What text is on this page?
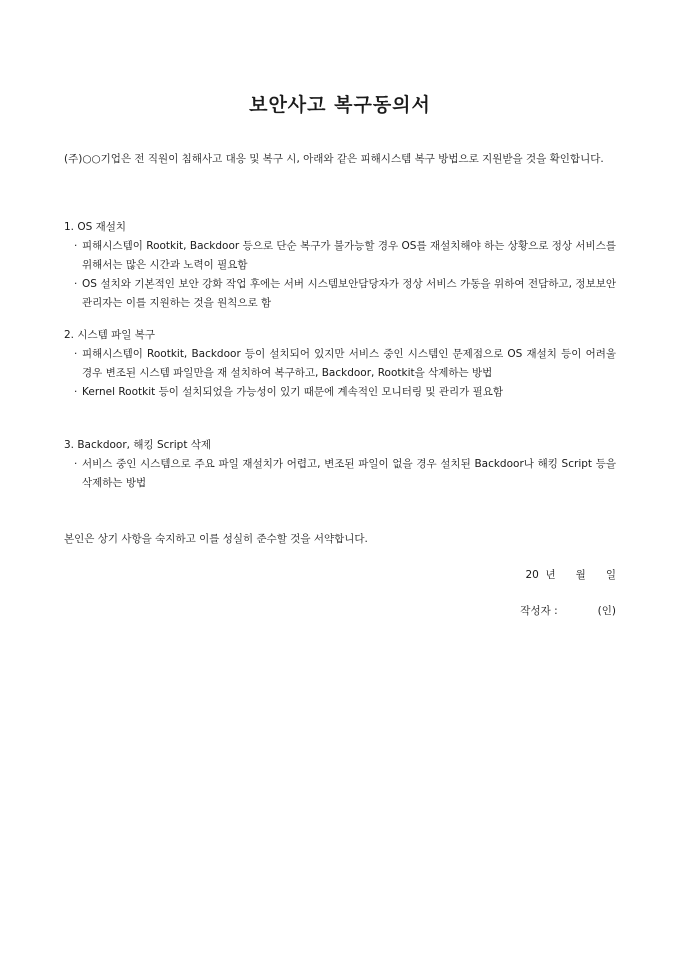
보안사고 복구동의서
(주)○○기업은 전 직원이 침해사고 대응 및 복구 시, 아래와 같은 피해시스템 복구 방법으로 지원받을 것을 확인합니다.
1. OS 재설치
· 피해시스템이 Rootkit, Backdoor 등으로 단순 복구가 불가능할 경우 OS를 재설치해야 하는 상황으로 정상 서비스를 위해서는 많은 시간과 노력이 필요함
· OS 설치와 기본적인 보안 강화 작업 후에는 서버 시스템보안담당자가 정상 서비스 가동을 위하여 전담하고, 정보보안관리자는 이를 지원하는 것을 원칙으로 함
2. 시스템 파일 복구
· 피해시스템이 Rootkit, Backdoor 등이 설치되어 있지만 서비스 중인 시스템인 문제점으로 OS 재설치 등이 어려울 경우 변조된 시스템 파일만을 재 설치하여 복구하고, Backdoor, Rootkit을 삭제하는 방법
· Kernel Rootkit 등이 설치되었을 가능성이 있기 때문에 계속적인 모니터링 및 관리가 필요함
3. Backdoor, 해킹 Script 삭제
· 서비스 중인 시스템으로 주요 파일 재설치가 어렵고, 변조된 파일이 없을 경우 설치된 Backdoor나 해킹 Script 등을 삭제하는 방법
본인은 상기 사항을 숙지하고 이를 성실히 준수할 것을 서약합니다.
20  년      월      일
작성자 :            (인)
